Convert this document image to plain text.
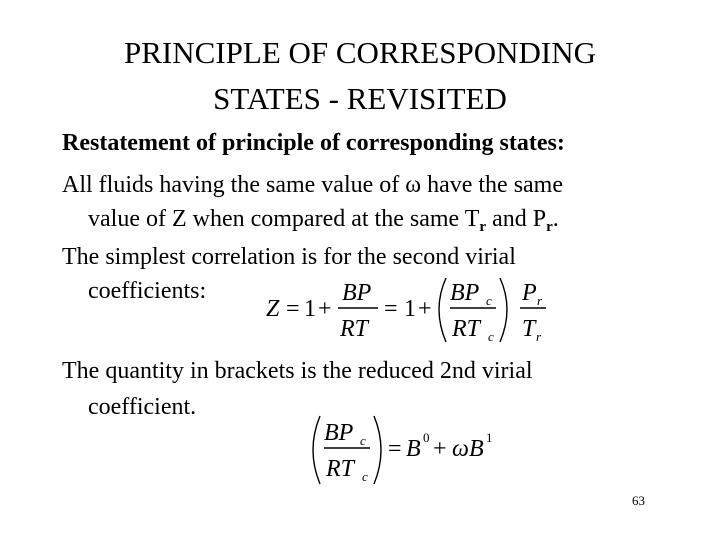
PRINCIPLE OF CORRESPONDING
STATES - REVISITED
Restatement of principle of corresponding states:
All fluids having the same value of ω have the same
value of Z when compared at the same $T_r$ and $P_r$.
The simplest correlation is for the second virial
coefficients:
Z = 1 +
BP
RT
= 1 +
BP
RT
c
c
P
T
r
r
The quantity in brackets is the reduced 2nd virial
coefficient.
BP
RT
c
c
= B 0 + ω B 1
63
